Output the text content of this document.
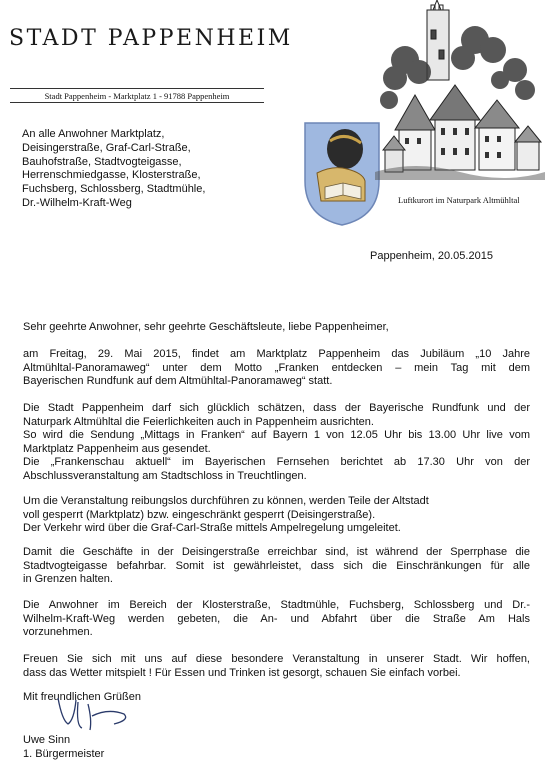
STADT PAPPENHEIM
Stadt Pappenheim - Marktplatz 1 - 91788 Pappenheim
An alle Anwohner Marktplatz,
Deisingerstraße, Graf-Carl-Straße,
Bauhofstraße, Stadtvogteigasse,
Herrenschmiedgasse, Klosterstraße,
Fuchsberg, Schlossberg, Stadtmühle,
Dr.-Wilhelm-Kraft-Weg	Luftkurort im Naturpark Altmühltal
Pappenheim, 20.05.2015
Sehr geehrte Anwohner, sehr geehrte Geschäftsleute, liebe Pappenheimer,
am Freitag, 29. Mai 2015, findet am Marktplatz Pappenheim das Jubiläum „10 Jahre
Altmühltal-Panoramaweg“ unter dem Motto „Franken entdecken – mein Tag mit dem
Bayerischen Rundfunk auf dem Altmühltal-Panoramaweg“ statt.
Die Stadt Pappenheim darf sich glücklich schätzen, dass der Bayerische Rundfunk und der
Naturpark Altmühltal die Feierlichkeiten auch in Pappenheim ausrichten.
So wird die Sendung „Mittags in Franken“ auf Bayern 1 von 12.05 Uhr bis 13.00 Uhr live vom
Marktplatz Pappenheim aus gesendet.
Die „Frankenschau aktuell“ im Bayerischen Fernsehen berichtet ab 17.30 Uhr von der
Abschlussveranstaltung am Stadtschloss in Treuchtlingen.
Um die Veranstaltung reibungslos durchführen zu können, werden Teile der Altstadt
voll gesperrt (Marktplatz) bzw. eingeschränkt gesperrt (Deisingerstraße).
Der Verkehr wird über die Graf-Carl-Straße mittels Ampelregelung umgeleitet.
Damit die Geschäfte in der Deisingerstraße erreichbar sind, ist während der Sperrphase die
Stadtvogteigasse befahrbar. Somit ist gewährleistet, dass sich die Einschränkungen für alle
in Grenzen halten.
Die Anwohner im Bereich der Klosterstraße, Stadtmühle, Fuchsberg, Schlossberg und Dr.-
Wilhelm-Kraft-Weg werden gebeten, die An- und Abfahrt über die Straße Am Hals
vorzunehmen.
Freuen Sie sich mit uns auf diese besondere Veranstaltung in unserer Stadt. Wir hoffen,
dass das Wetter mitspielt ! Für Essen und Trinken ist gesorgt, schauen Sie einfach vorbei.
Mit freundlichen Grüßen
Uwe Sinn
1. Bürgermeister
